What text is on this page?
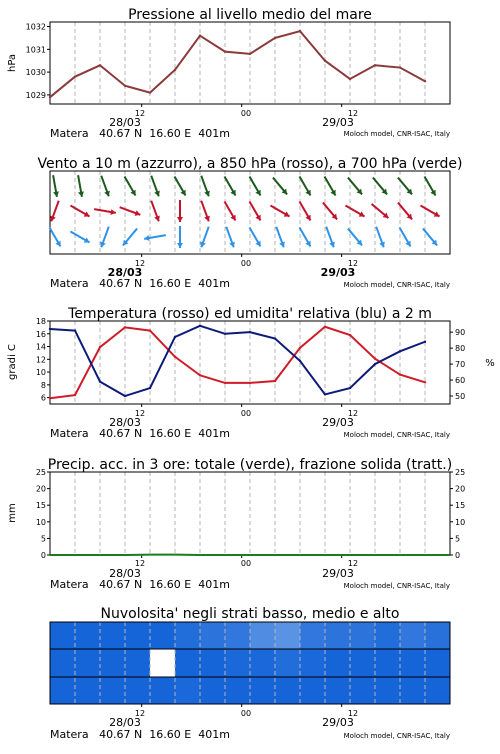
Pressione al livello medio del mare
1029
1030
1031
1032
hPa
12	00	12
28/03	29/03
Matera   40.67 N  16.60 E  401m	Moloch model, CNR-ISAC, Italy
Vento a 10 m (azzurro), a 850 hPa (rosso), a 700 hPa (verde)
12	00	12
28/03	29/03
Matera   40.67 N  16.60 E  401m	Moloch model, CNR-ISAC, Italy
Temperatura (rosso) ed umidita' relativa (blu) a 2 m
6
8
10
12
14
16
18
50
60
70
80
90
gradi C	%
12	00	12
28/03	29/03
Matera   40.67 N  16.60 E  401m	Moloch model, CNR-ISAC, Italy
Precip. acc. in 3 ore: totale (verde), frazione solida (tratt.)
0
5
10
15
20
25
0
5
10
15
20
25
mm
12	00	12
28/03	29/03
Matera   40.67 N  16.60 E  401m	Moloch model, CNR-ISAC, Italy
Nuvolosita' negli strati basso, medio e alto
12	00	12
28/03	29/03
Matera   40.67 N  16.60 E  401m	Moloch model, CNR-ISAC, Italy
